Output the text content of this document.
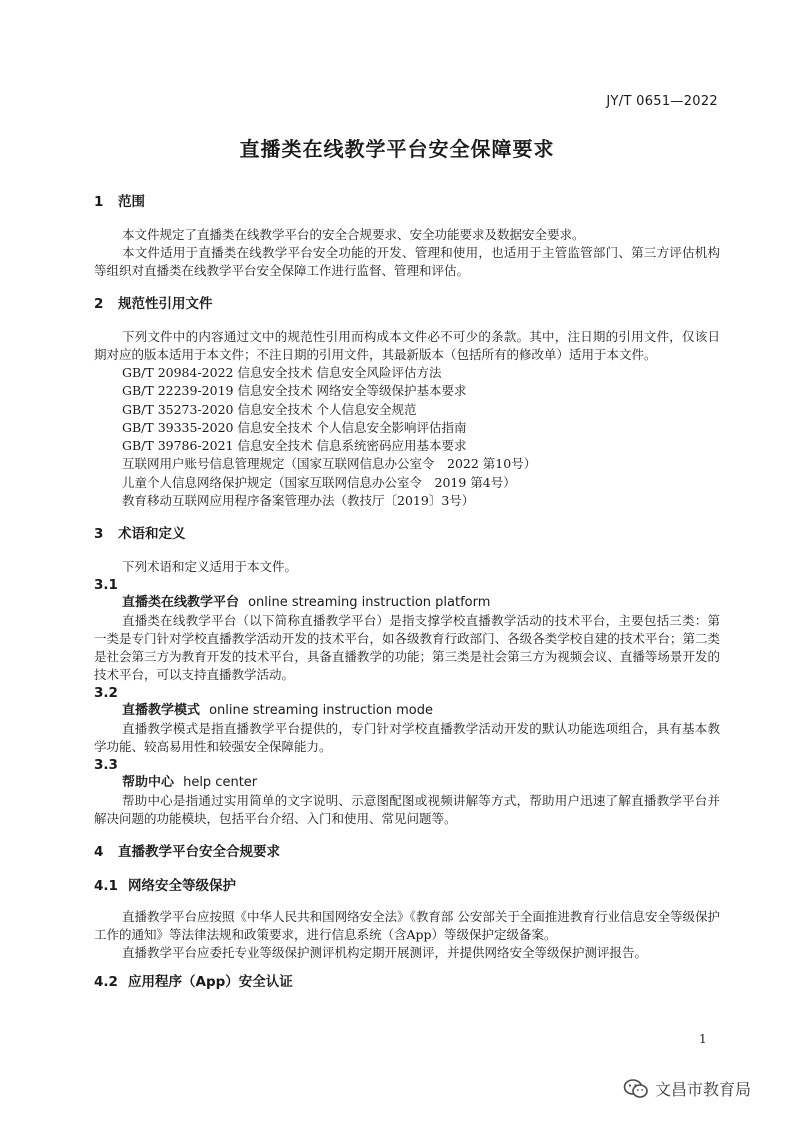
JY/T 0651—2022
直播类在线教学平台安全保障要求
1 范围

本文件规定了直播类在线教学平台的安全合规要求、安全功能要求及数据安全要求。

本文件适用于直播类在线教学平台安全功能的开发、管理和使用，也适用于主管监管部门、第三方评估机构等组织对直播类在线教学平台安全保障工作进行监督、管理和评估。

2 规范性引用文件

下列文件中的内容通过文中的规范性引用而构成本文件必不可少的条款。其中，注日期的引用文件，仅该日期对应的版本适用于本文件；不注日期的引用文件，其最新版本（包括所有的修改单）适用于本文件。

GB/T 20984-2022 信息安全技术 信息安全风险评估方法
GB/T 22239-2019 信息安全技术 网络安全等级保护基本要求
GB/T 35273-2020 信息安全技术 个人信息安全规范
GB/T 39335-2020 信息安全技术 个人信息安全影响评估指南
GB/T 39786-2021 信息安全技术 信息系统密码应用基本要求
互联网用户账号信息管理规定（国家互联网信息办公室令　2022 第10号）
儿童个人信息网络保护规定（国家互联网信息办公室令　2019 第4号）
教育移动互联网应用程序备案管理办法（教技厅〔2019〕3号）
3 术语和定义

下列术语和定义适用于本文件。

3.1
直播类在线教学平台 online streaming instruction platform

直播类在线教学平台（以下简称直播教学平台）是指支撑学校直播教学活动的技术平台，主要包括三类：第一类是专门针对学校直播教学活动开发的技术平台，如各级教育行政部门、各级各类学校自建的技术平台；第二类是社会第三方为教育开发的技术平台，具备直播教学的功能；第三类是社会第三方为视频会议、直播等场景开发的技术平台，可以支持直播教学活动。

3.2
直播教学模式 online streaming instruction mode

直播教学模式是指直播教学平台提供的，专门针对学校直播教学活动开发的默认功能选项组合，具有基本教学功能、较高易用性和较强安全保障能力。

3.3
帮助中心 help center

帮助中心是指通过实用简单的文字说明、示意图配图或视频讲解等方式，帮助用户迅速了解直播教学平台并解决问题的功能模块，包括平台介绍、入门和使用、常见问题等。

4 直播教学平台安全合规要求
4.1 网络安全等级保护

直播教学平台应按照《中华人民共和国网络安全法》《教育部 公安部关于全面推进教育行业信息安全等级保护工作的通知》等法律法规和政策要求，进行信息系统（含App）等级保护定级备案。

直播教学平台应委托专业等级保护测评机构定期开展测评，并提供网络安全等级保护测评报告。

4.2 应用程序（App）安全认证
1
文昌市教育局
